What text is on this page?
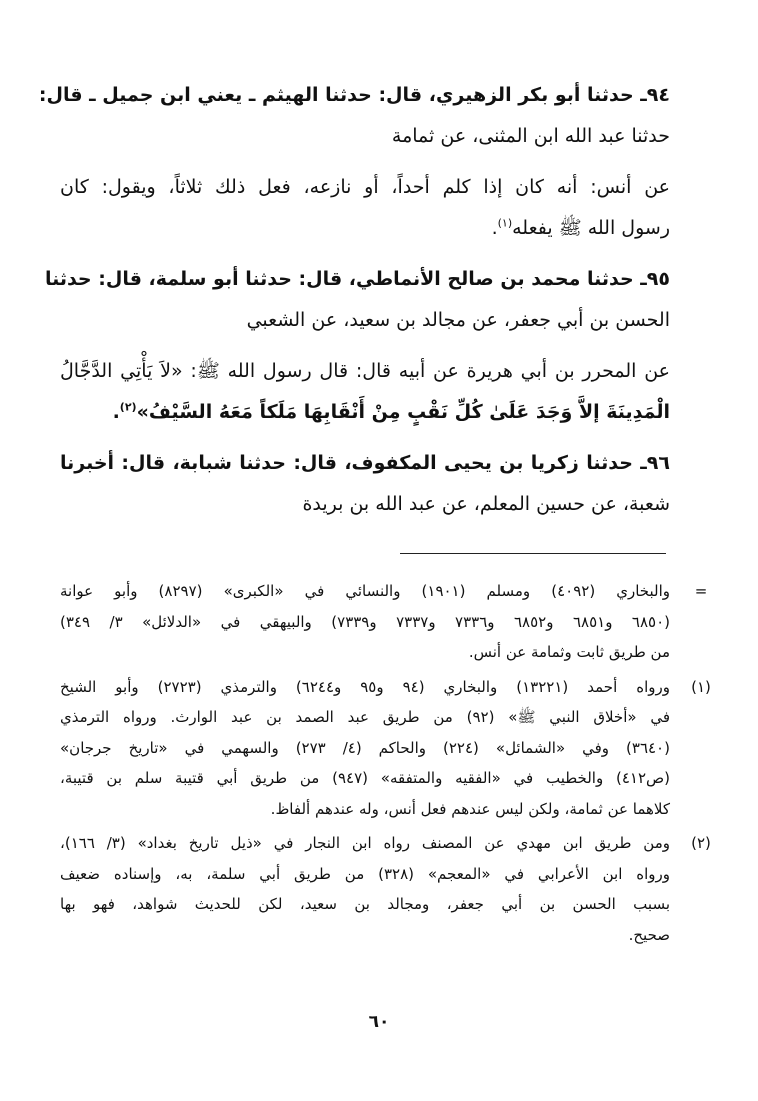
٩٤ـ حدثنا أبو بكر الزهيري، قال: حدثنا الهيثم ـ يعني ابن جميل ـ قال:
حدثنا عبد الله ابن المثنى، عن ثمامة
عن أنس: أنه كان إذا كلم أحداً، أو نازعه، فعل ذلك ثلاثاً، ويقول: كان
رسول الله ﷺ يفعله$^{(١)}$.
٩٥ـ حدثنا محمد بن صالح الأنماطي، قال: حدثنا أبو سلمة، قال: حدثنا
الحسن بن أبي جعفر، عن مجالد بن سعيد، عن الشعبي
عن المحرر بن أبي هريرة عن أبيه قال: قال رسول الله ﷺ: «لاَ يَأْتِي الدَّجَّالُ
الْمَدِينَةَ إلاَّ وَجَدَ عَلَىٰ كُلِّ نَقْبٍ مِنْ أَنْقَابِهَا مَلَكاً مَعَهُ السَّيْفُ»$^{(٢)}$.
٩٦ـ حدثنا زكريا بن يحيى المكفوف، قال: حدثنا شبابة، قال: أخبرنا
شعبة، عن حسين المعلم، عن عبد الله بن بريدة
=
والبخاري (٤٠٩٢) ومسلم (١٩٠١) والنسائي في «الكبرى» (٨٢٩٧) وأبو عوانة
(٦٨٥٠ و٦٨٥١ و٦٨٥٢ و٧٣٣٦ و٧٣٣٧ و٧٣٣٩) والبيهقي في «الدلائل» ٣/ ٣٤٩)
من طريق ثابت وثمامة عن أنس.
(١)
ورواه أحمد (١٣٢٢١) والبخاري (٩٤ و٩٥ و٦٢٤٤) والترمذي (٢٧٢٣) وأبو الشيخ
في «أخلاق النبي ﷺ» (٩٢) من طريق عبد الصمد بن عبد الوارث. ورواه الترمذي
(٣٦٤٠) وفي «الشمائل» (٢٢٤) والحاكم (٤/ ٢٧٣) والسهمي في «تاريخ جرجان»
(ص٤١٢) والخطيب في «الفقيه والمتفقه» (٩٤٧) من طريق أبي قتيبة سلم بن قتيبة،
كلاهما عن ثمامة، ولكن ليس عندهم فعل أنس، وله عندهم ألفاظ.
(٢)
ومن طريق ابن مهدي عن المصنف رواه ابن النجار في «ذيل تاريخ بغداد» (٣/ ١٦٦)،
ورواه ابن الأعرابي في «المعجم» (٣٢٨) من طريق أبي سلمة، به، وإسناده ضعيف
بسبب الحسن بن أبي جعفر، ومجالد بن سعيد، لكن للحديث شواهد، فهو بها
صحيح.
٦٠
